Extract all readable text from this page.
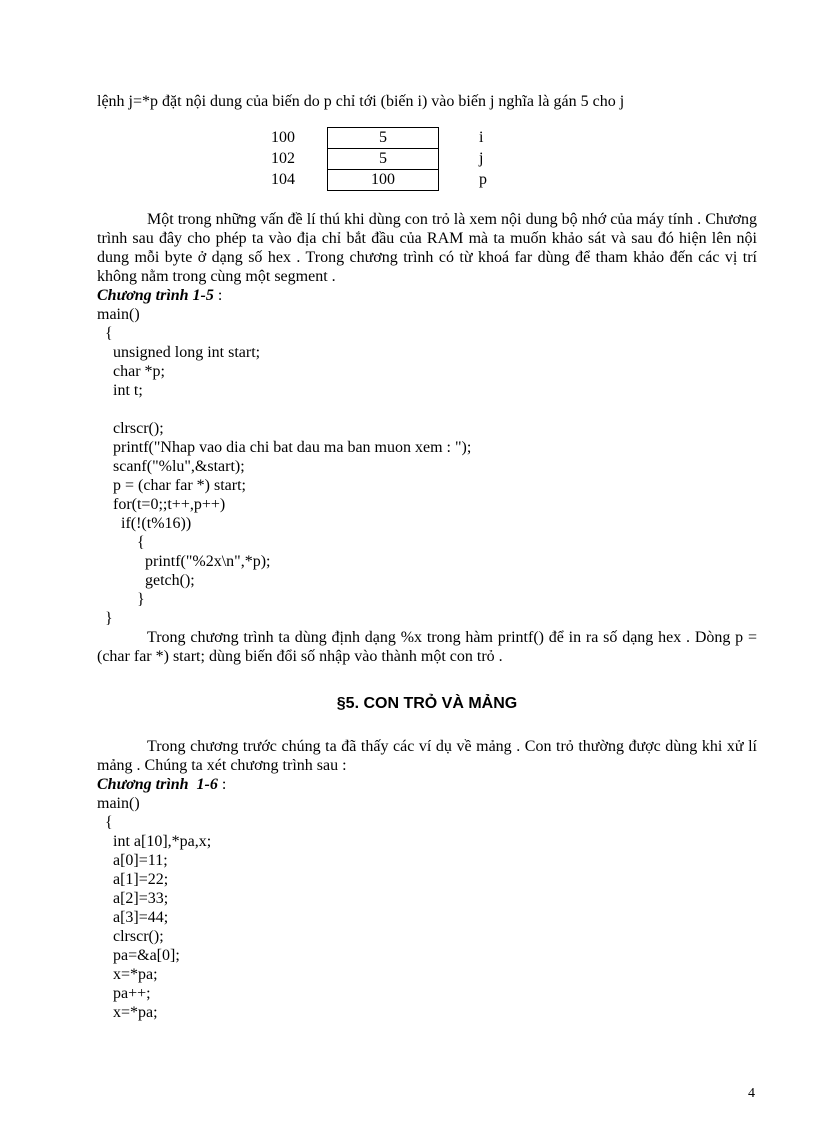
lệnh j=*p đặt nội dung của biến do p chỉ tới (biến i) vào biến j nghĩa là gán 5 cho j

100	5	i
102	5	j
104	100	p

Một trong những vấn đề lí thú khi dùng con trỏ là xem nội dung bộ nhớ của máy tính . Chương trình sau đây cho phép ta vào địa chỉ bắt đầu của RAM mà ta muốn khảo sát và sau đó hiện lên nội dung mỗi byte ở dạng số hex . Trong chương trình có từ khoá far dùng để tham khảo đến các vị trí không nằm trong cùng một segment .

Chương trình 1-5 :

main()

{

unsigned long int start;

char *p;

int t;

clrscr();

printf("Nhap vao dia chi bat dau ma ban muon xem : ");

scanf("%lu",&start);

p = (char far *) start;

for(t=0;;t++,p++)

if(!(t%16))

{

printf("%2x\n",*p);

getch();

}

}

Trong chương trình ta dùng định dạng %x trong hàm printf() để in ra số dạng hex . Dòng p = (char far *) start; dùng biến đổi số nhập vào thành một con trỏ .

§5. CON TRỎ VÀ MẢNG

Trong chương trước chúng ta đã thấy các ví dụ về mảng . Con trỏ thường được dùng khi xử lí mảng . Chúng ta xét chương trình sau :

Chương trình  1-6 :

main()

{

int a[10],*pa,x;

a[0]=11;

a[1]=22;

a[2]=33;

a[3]=44;

clrscr();

pa=&a[0];

x=*pa;

pa++;

x=*pa;

4
